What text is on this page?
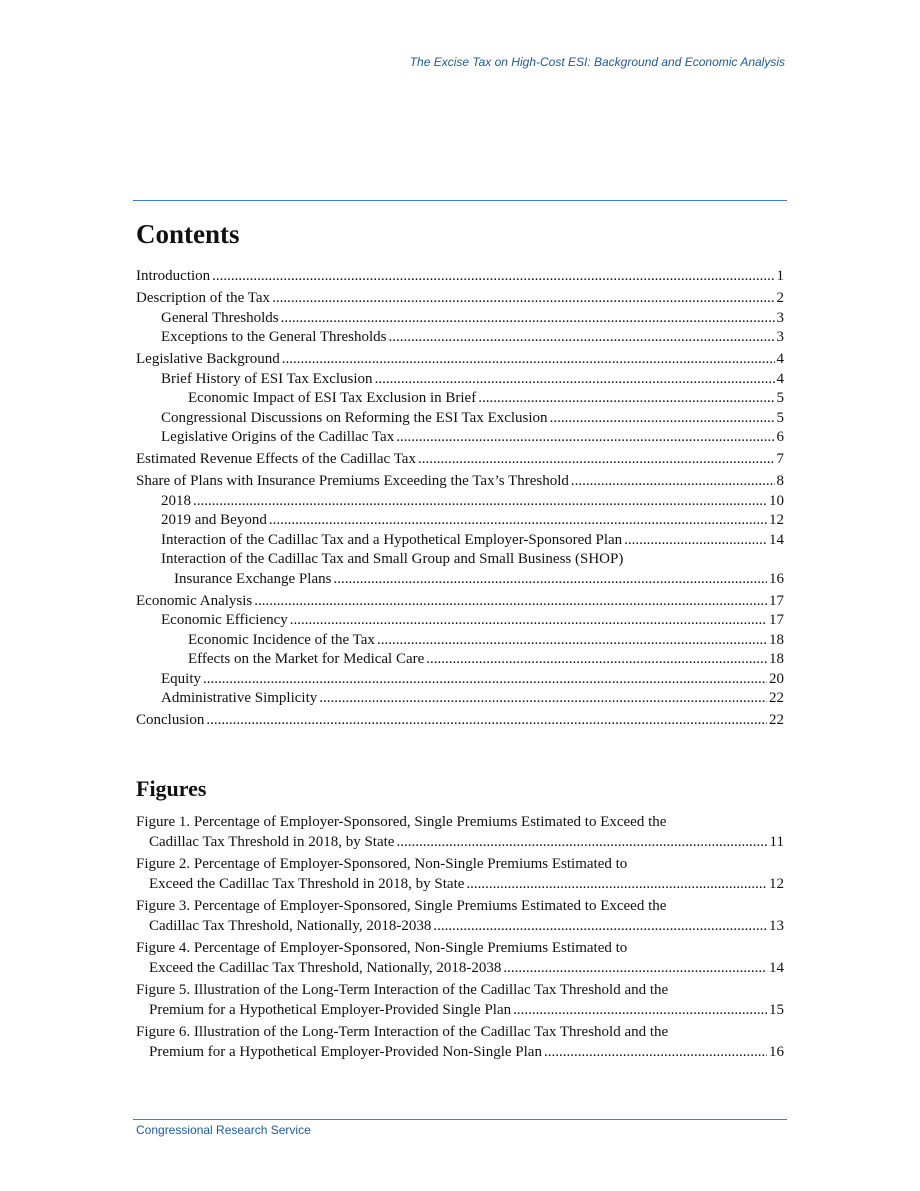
The Excise Tax on High-Cost ESI: Background and Economic Analysis
Contents
Introduction .....	1
Description of the Tax .....	2
General Thresholds .....	3
Exceptions to the General Thresholds .....	3
Legislative Background .....	4
Brief History of ESI Tax Exclusion .....	4
Economic Impact of ESI Tax Exclusion in Brief .....	5
Congressional Discussions on Reforming the ESI Tax Exclusion .....	5
Legislative Origins of the Cadillac Tax .....	6
Estimated Revenue Effects of the Cadillac Tax .....	7
Share of Plans with Insurance Premiums Exceeding the Tax’s Threshold .....	8
2018 .....	10
2019 and Beyond .....	12
Interaction of the Cadillac Tax and a Hypothetical Employer-Sponsored Plan .....	14
Interaction of the Cadillac Tax and Small Group and Small Business (SHOP)
Insurance Exchange Plans .....	16
Economic Analysis .....	17
Economic Efficiency .....	17
Economic Incidence of the Tax .....	18
Effects on the Market for Medical Care .....	18
Equity .....	20
Administrative Simplicity .....	22
Conclusion .....	22
Figures
Figure 1. Percentage of Employer-Sponsored, Single Premiums Estimated to Exceed the
Cadillac Tax Threshold in 2018, by State .....	11
Figure 2. Percentage of Employer-Sponsored, Non-Single Premiums Estimated to
Exceed the Cadillac Tax Threshold in 2018, by State .....	12
Figure 3. Percentage of Employer-Sponsored, Single Premiums Estimated to Exceed the
Cadillac Tax Threshold, Nationally, 2018-2038 .....	13
Figure 4. Percentage of Employer-Sponsored, Non-Single Premiums Estimated to
Exceed the Cadillac Tax Threshold, Nationally, 2018-2038 .....	14
Figure 5. Illustration of the Long-Term Interaction of the Cadillac Tax Threshold and the
Premium for a Hypothetical Employer-Provided Single Plan .....	15
Figure 6. Illustration of the Long-Term Interaction of the Cadillac Tax Threshold and the
Premium for a Hypothetical Employer-Provided Non-Single Plan .....	16
Congressional Research Service
